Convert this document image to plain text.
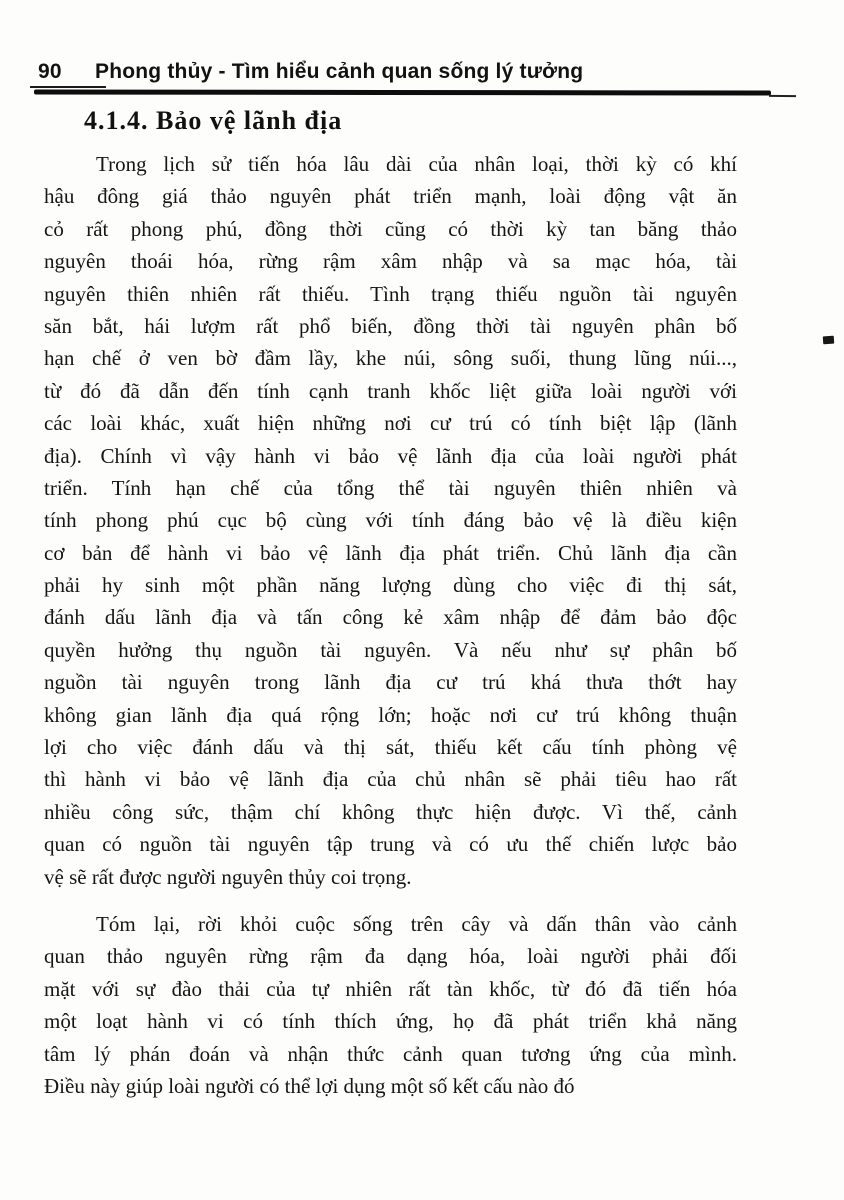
90	Phong thủy - Tìm hiểu cảnh quan sống lý tưởng
4.1.4. Bảo vệ lãnh địa
Trong lịch sử tiến hóa lâu dài của nhân loại, thời kỳ có khí
hậu đông giá thảo nguyên phát triển mạnh, loài động vật ăn
cỏ rất phong phú, đồng thời cũng có thời kỳ tan băng thảo
nguyên thoái hóa, rừng rậm xâm nhập và sa mạc hóa, tài
nguyên thiên nhiên rất thiếu. Tình trạng thiếu nguồn tài nguyên
săn bắt, hái lượm rất phổ biến, đồng thời tài nguyên phân bố
hạn chế ở ven bờ đầm lầy, khe núi, sông suối, thung lũng núi...,
từ đó đã dẫn đến tính cạnh tranh khốc liệt giữa loài người với
các loài khác, xuất hiện những nơi cư trú có tính biệt lập (lãnh
địa). Chính vì vậy hành vi bảo vệ lãnh địa của loài người phát
triển. Tính hạn chế của tổng thể tài nguyên thiên nhiên và
tính phong phú cục bộ cùng với tính đáng bảo vệ là điều kiện
cơ bản để hành vi bảo vệ lãnh địa phát triển. Chủ lãnh địa cần
phải hy sinh một phần năng lượng dùng cho việc đi thị sát,
đánh dấu lãnh địa và tấn công kẻ xâm nhập để đảm bảo độc
quyền hưởng thụ nguồn tài nguyên. Và nếu như sự phân bố
nguồn tài nguyên trong lãnh địa cư trú khá thưa thớt hay
không gian lãnh địa quá rộng lớn; hoặc nơi cư trú không thuận
lợi cho việc đánh dấu và thị sát, thiếu kết cấu tính phòng vệ
thì hành vi bảo vệ lãnh địa của chủ nhân sẽ phải tiêu hao rất
nhiều công sức, thậm chí không thực hiện được. Vì thế, cảnh
quan có nguồn tài nguyên tập trung và có ưu thế chiến lược bảo
vệ sẽ rất được người nguyên thủy coi trọng.
Tóm lại, rời khỏi cuộc sống trên cây và dấn thân vào cảnh
quan thảo nguyên rừng rậm đa dạng hóa, loài người phải đối
mặt với sự đào thải của tự nhiên rất tàn khốc, từ đó đã tiến hóa
một loạt hành vi có tính thích ứng, họ đã phát triển khả năng
tâm lý phán đoán và nhận thức cảnh quan tương ứng của mình.
Điều này giúp loài người có thể lợi dụng một số kết cấu nào đó
